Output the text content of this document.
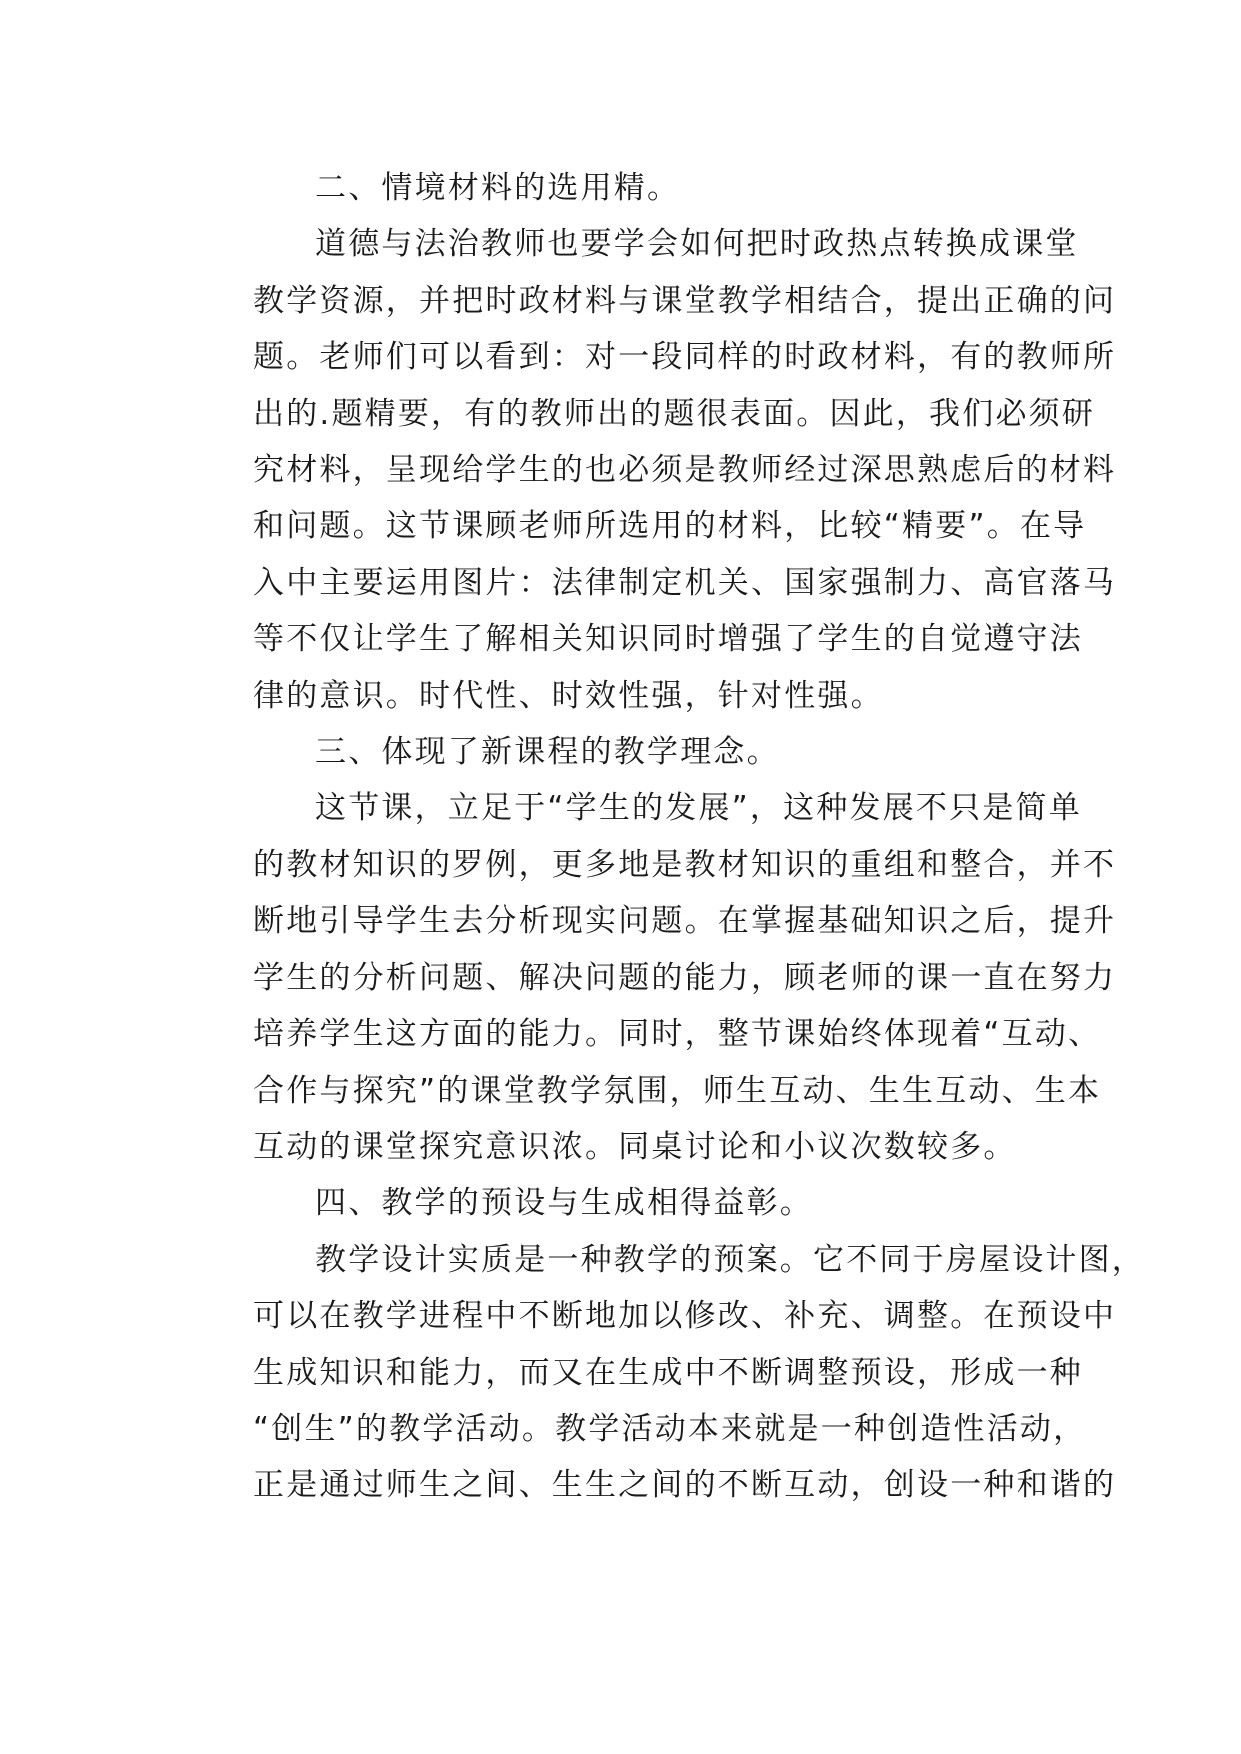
二、情境材料的选用精。
道德与法治教师也要学会如何把时政热点转换成课堂
教学资源，并把时政材料与课堂教学相结合，提出正确的问
题。老师们可以看到：对一段同样的时政材料，有的教师所
出的.题精要，有的教师出的题很表面。因此，我们必须研
究材料，呈现给学生的也必须是教师经过深思熟虑后的材料
和问题。这节课顾老师所选用的材料，比较“精要”。在导
入中主要运用图片：法律制定机关、国家强制力、高官落马
等不仅让学生了解相关知识同时增强了学生的自觉遵守法
律的意识。时代性、时效性强，针对性强。
三、体现了新课程的教学理念。
这节课，立足于“学生的发展”，这种发展不只是简单
的教材知识的罗例，更多地是教材知识的重组和整合，并不
断地引导学生去分析现实问题。在掌握基础知识之后，提升
学生的分析问题、解决问题的能力，顾老师的课一直在努力
培养学生这方面的能力。同时，整节课始终体现着“互动、
合作与探究”的课堂教学氛围，师生互动、生生互动、生本
互动的课堂探究意识浓。同桌讨论和小议次数较多。
四、教学的预设与生成相得益彰。
教学设计实质是一种教学的预案。它不同于房屋设计图，
可以在教学进程中不断地加以修改、补充、调整。在预设中
生成知识和能力，而又在生成中不断调整预设，形成一种
“创生”的教学活动。教学活动本来就是一种创造性活动，
正是通过师生之间、生生之间的不断互动，创设一种和谐的
